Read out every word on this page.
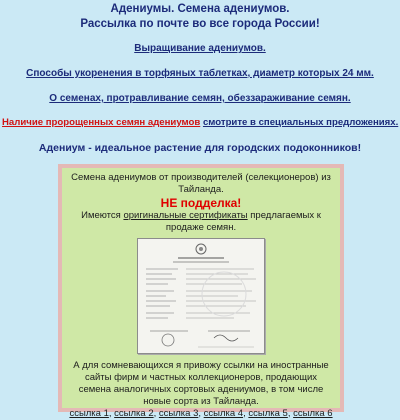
Адениумы. Семена адениумов.
Рассылка по почте во все города России!
Выращивание адениумов.
Способы укоренения в торфяных таблетках, диаметр которых 24 мм.
О семенах, протравливание семян, обеззараживание семян.
Наличие пророщенных семян адениумов смотрите в специальных предложениях.
Адениум - идеальное растение для городских подоконников!
Семена адениумов от производителей (селекционеров) из Тайланда.
НЕ подделка!
Имеются оригинальные сертификаты предлагаемых к продаже семян.
А для сомневающихся я привожу ссылки на иностранные сайты фирм и частных коллекционеров, продающих семена аналогичных сортовых адениумов, в том числе новые сорта из Тайланда.
ссылка 1, ссылка 2, ссылка 3, ссылка 4, ссылка 5, ссылка 6
